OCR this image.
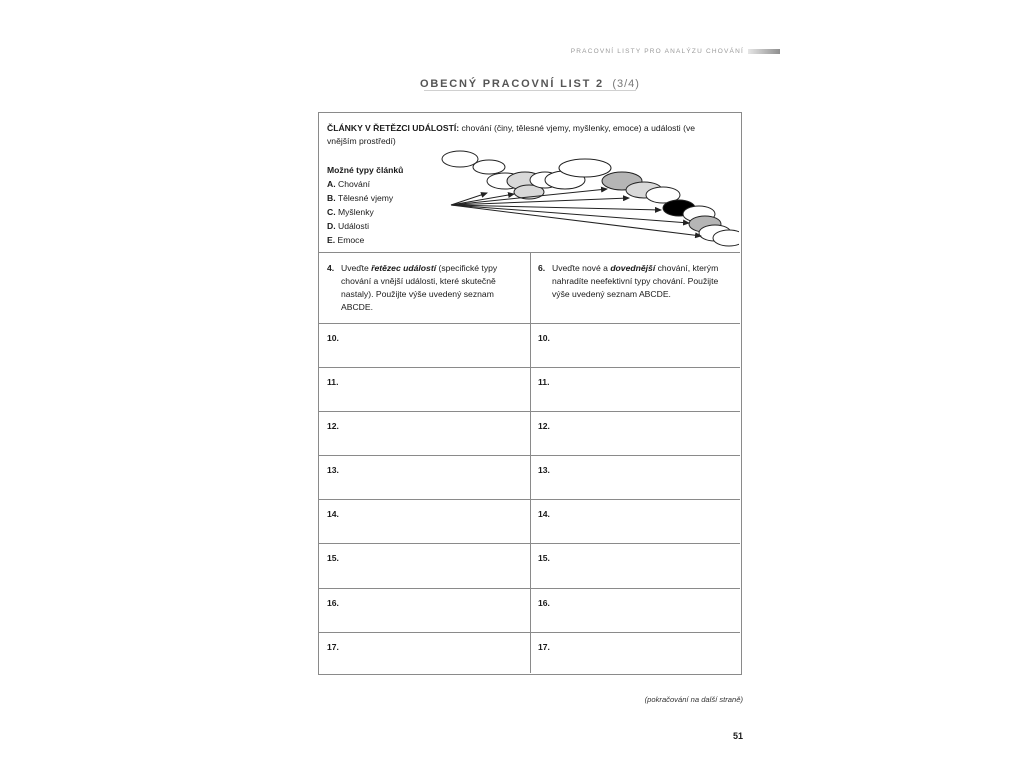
PRACOVNÍ LISTY PRO ANALÝZU CHOVÁNÍ
OBECNÝ PRACOVNÍ LIST 2 (3/4)
ČLÁNKY V ŘETĚZCI UDÁLOSTÍ: chování (činy, tělesné vjemy, myšlenky, emoce) a události (ve vnějším prostředí)
Možné typy článků
A. Chování
B. Tělesné vjemy
C. Myšlenky
D. Události
E. Emoce
4. Uveďte řetězec událostí (specifické typy chování a vnější události, které skutečně nastaly). Použijte výše uvedený seznam ABCDE.
10.
11.
12.
13.
14.
15.
16.
17.
6. Uveďte nové a dovednější chování, kterým nahradíte neefektivní typy chování. Použijte výše uvedený seznam ABCDE.
10.
11.
12.
13.
14.
15.
16.
17.
(pokračování na další straně)
51
